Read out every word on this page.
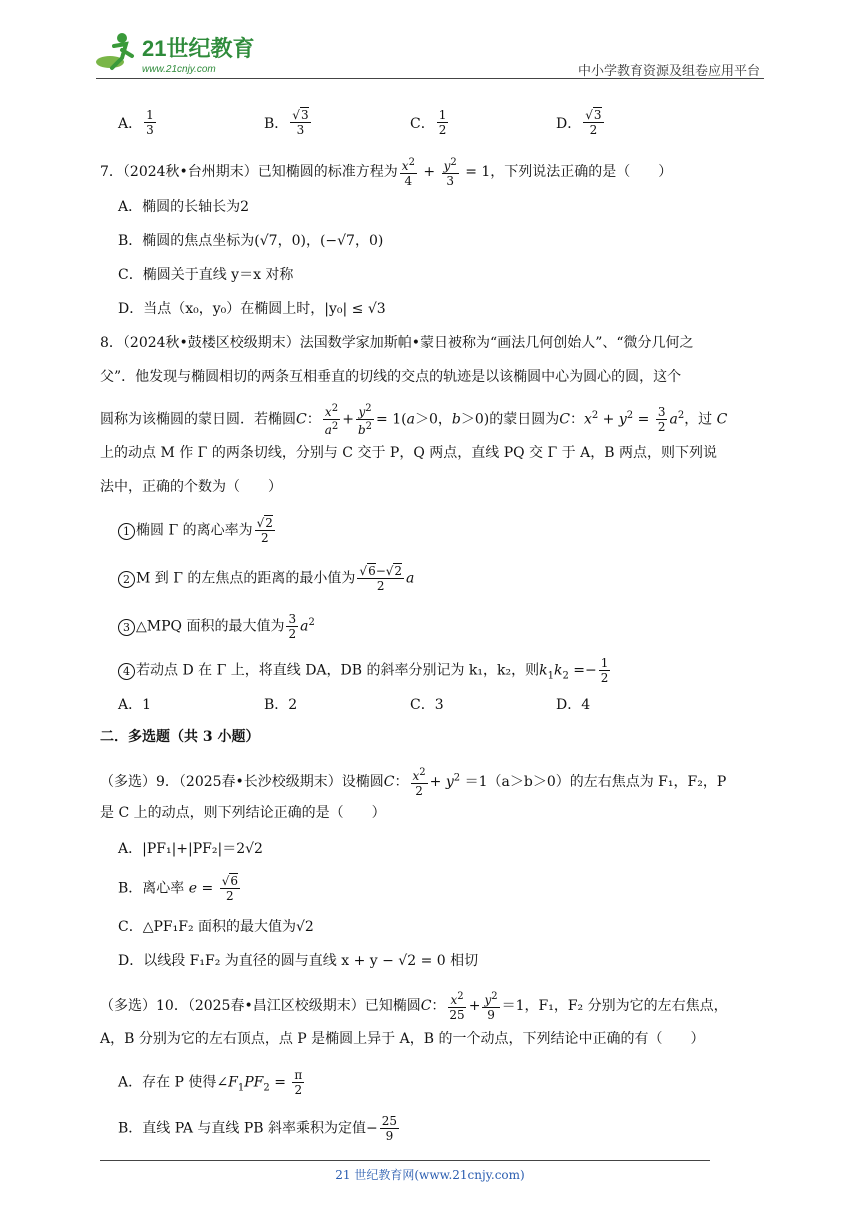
21世纪教育
www.21cnjy.com	中小学教育资源及组卷应用平台
A． $\frac{1}{3}$	B． $\frac{√3}{3}$	C． $\frac{1}{2}$	D． $\frac{√3}{2}$
7．（2024秋•台州期末）已知椭圆的标准方程为 $\frac{x^2}{4} + \frac{y^2}{3} = 1$，下列说法正确的是（　　）
A．椭圆的长轴长为2
B．椭圆的焦点坐标为(√7，0)，(−√7，0)
C．椭圆关于直线 y＝x 对称
D．当点（x₀，y₀）在椭圆上时，|y₀| ≤ √3
8．（2024秋•鼓楼区校级期末）法国数学家加斯帕•蒙日被称为“画法几何创始人”、“微分几何之
父”．他发现与椭圆相切的两条互相垂直的切线的交点的轨迹是以该椭圆中心为圆心的圆，这个
圆称为该椭圆的蒙日圆．若椭圆C： $\frac{x^2}{a^2} + \frac{y^2}{b^2} = 1(a>0$，b＞0)的蒙日圆为C：$x^2 + y^2 = \frac{3}{2} a^2$，过 C
上的动点 M 作 Γ 的两条切线，分别与 C 交于 P，Q 两点，直线 PQ 交 Γ 于 A，B 两点，则下列说
法中，正确的个数为（　　）
1 椭圆 Γ 的离心率为 $\frac{√2}{2}$
2 M 到 Γ 的左焦点的距离的最小值为 $\frac{√6-√2}{2}$ a
3 △MPQ 面积的最大值为 $\frac{3}{2} a^2$
4 若动点 D 在 Γ 上，将直线 DA，DB 的斜率分别记为 k₁，k₂，则$k_1k_2 =- \frac{1}{2}$
A．1	B．2	C．3	D．4
二．多选题（共 3 小题）
（多选）9．（2025春•长沙校级期末）设椭圆C： $\frac{x^2}{2} + y^2 =1(a>b>0)$的左右焦点为 F₁，F₂，P
是 C 上的动点，则下列结论正确的是（　　）
A．|PF₁|+|PF₂|＝2√2
B．离心率 $e = \frac{√6}{2}$
C．△PF₁F₂ 面积的最大值为√2
D．以线段 F₁F₂ 为直径的圆与直线 x + y − √2 = 0 相切
（多选）10．（2025春•昌江区校级期末）已知椭圆C： $\frac{x^2}{25} + \frac{y^2}{9} =1$，F₁，F₂ 分别为它的左右焦点，
A，B 分别为它的左右顶点，点 P 是椭圆上异于 A，B 的一个动点，下列结论中正确的有（　　）
A．存在 P 使得$\angle F_1PF_2 = \frac{\pi}{2}$
B．直线 PA 与直线 PB 斜率乘积为定值− $\frac{25}{9}$
21 世纪教育网(www.21cnjy.com)
